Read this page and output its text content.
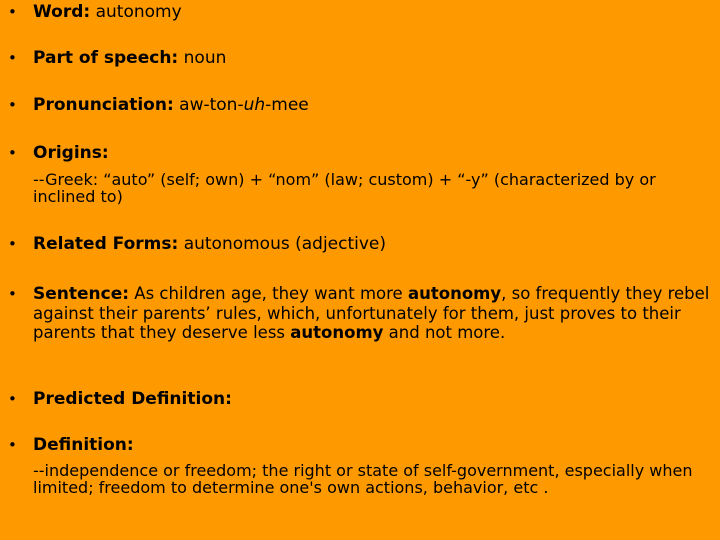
• Word: autonomy
• Part of speech: noun
• Pronunciation: aw-ton-uh-mee
• Origins:
--Greek: “auto” (self; own) + “nom” (law; custom) + “-y” (characterized by or inclined to)
• Related Forms: autonomous (adjective)
• Sentence: As children age, they want more autonomy, so frequently they rebel against their parents’ rules, which, unfortunately for them, just proves to their parents that they deserve less autonomy and not more.
• Predicted Definition:
• Definition:
--independence or freedom; the right or state of self-government, especially when limited; freedom to determine one's own actions, behavior, etc .
